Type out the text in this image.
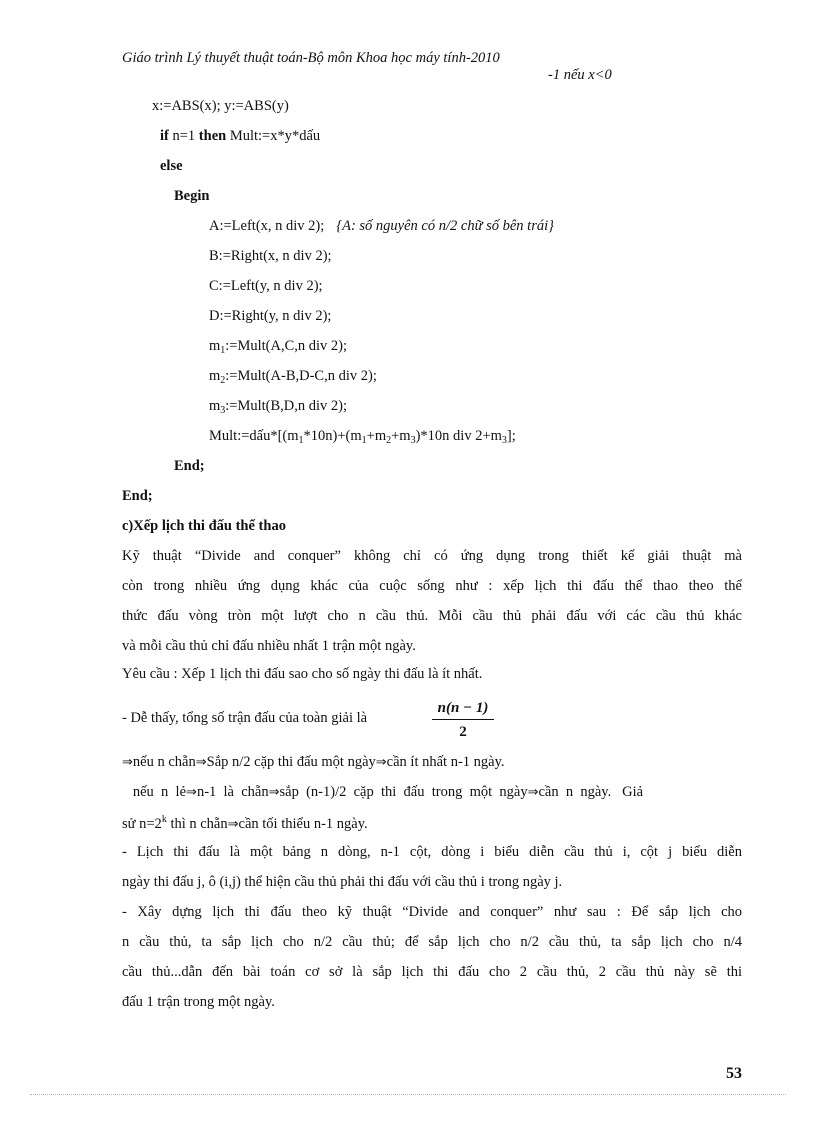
Giáo trình Lý thuyết thuật toán-Bộ môn Khoa học máy tính-2010
-1 nếu x<0
x:=ABS(x); y:=ABS(y)
if n=1 then Mult:=x*y*dấu
else
Begin
A:=Left(x, n div 2); {A: số nguyên có n/2 chữ số bên trái}
B:=Right(x, n div 2);
C:=Left(y, n div 2);
D:=Right(y, n div 2);
$m_1:=Mult(A,C,n$ div 2);
$m_2:=Mult(A-B,D-C,n$ div 2);
$m_3:=Mult(B,D,n$ div 2);
$Mult:=dấu*[(m_1*10n)+(m_1+m_2+m_3)*10n$ div $2+m_3$];
End;
End;
c)Xếp lịch thi đấu thể thao
Kỹ thuật “Divide and conquer” không chỉ có ứng dụng trong thiết kế giải thuật mà
còn trong nhiều ứng dụng khác của cuộc sống như : xếp lịch thi đấu thể thao theo thể
thức đấu vòng tròn một lượt cho n cầu thủ. Mỗi cầu thủ phải đấu với các cầu thủ khác
và mỗi cầu thủ chỉ đấu nhiều nhất 1 trận một ngày.
Yêu cầu : Xếp 1 lịch thi đấu sao cho số ngày thi đấu là ít nhất.
- Dễ thấy, tổng số trận đấu của toàn giải là	$\frac{n(n - 1)}{2}$
⇒nếu n chẵn⇒Sắp n/2 cặp thi đấu một ngày⇒cần ít nhất n-1 ngày.
nếu  n  lẻ⇒n-1  là  chẵn⇒sắp  (n-1)/2  cặp  thi  đấu  trong  một  ngày⇒cần  n  ngày.   Giả
sử $n=2^k$ thì n chẵn⇒cần tối thiểu n-1 ngày.
- Lịch thi đấu là một bảng n dòng, n-1 cột, dòng i biểu diễn cầu thủ i, cột j biểu diễn
ngày thi đấu j, ô (i,j) thể hiện cầu thủ phải thi đấu với cầu thủ i trong ngày j.
- Xây dựng lịch thi đấu theo kỹ thuật “Divide and conquer” như sau : Để sắp lịch cho
n cầu thủ, ta sắp lịch cho n/2 cầu thủ; để sắp lịch cho n/2 cầu thủ, ta sắp lịch cho n/4
cầu thủ...dẫn đến bài toán cơ sở là sắp lịch thi đấu cho 2 cầu thủ, 2 cầu thủ này sẽ thi
đấu 1 trận trong một ngày.
53
